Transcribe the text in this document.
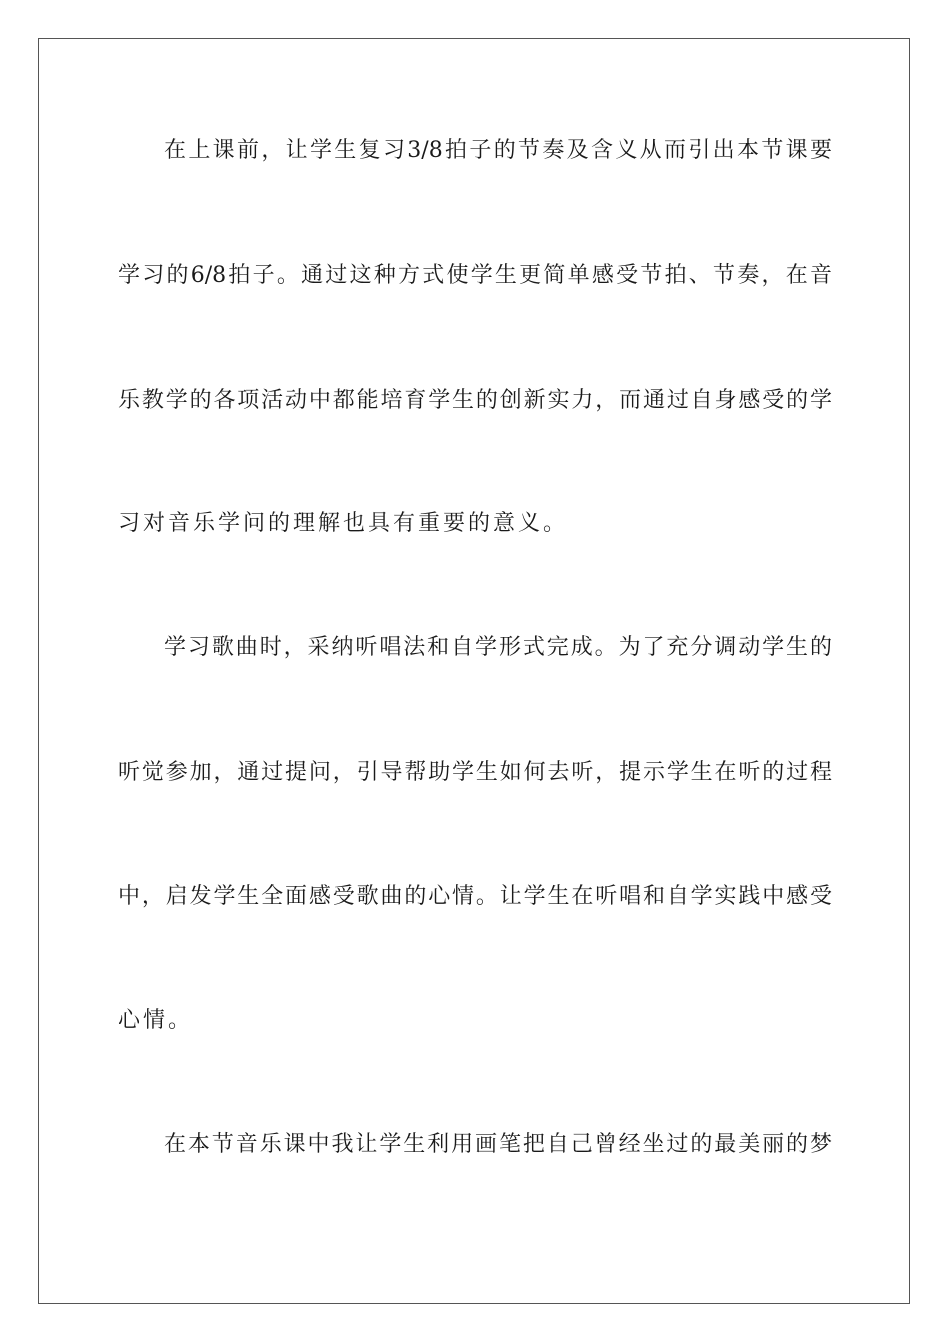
在上课前，让学生复习3/8拍子的节奏及含义从而引出本节课要
学习的6/8拍子。通过这种方式使学生更简单感受节拍、节奏，在音
乐教学的各项活动中都能培育学生的创新实力，而通过自身感受的学
习对音乐学问的理解也具有重要的意义。
学习歌曲时，采纳听唱法和自学形式完成。为了充分调动学生的
听觉参加，通过提问，引导帮助学生如何去听，提示学生在听的过程
中，启发学生全面感受歌曲的心情。让学生在听唱和自学实践中感受
心情。
在本节音乐课中我让学生利用画笔把自己曾经坐过的最美丽的梦
